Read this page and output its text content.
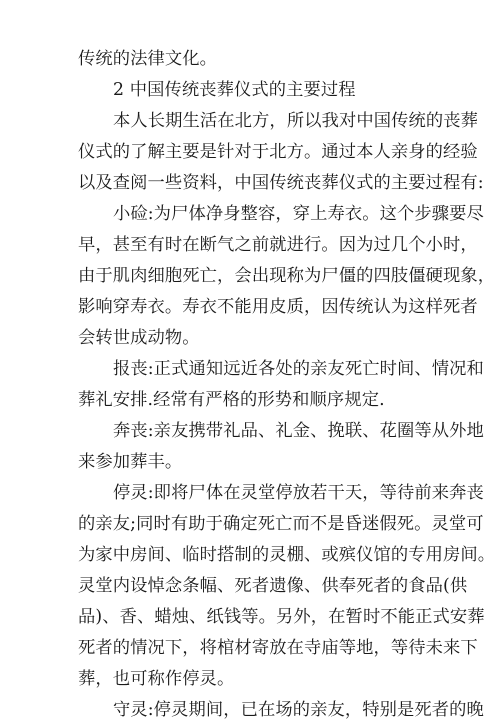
传统的法律文化。
2 中国传统丧葬仪式的主要过程
本人长期生活在北方，所以我对中国传统的丧葬
仪式的了解主要是针对于北方。通过本人亲身的经验
以及查阅一些资料，中国传统丧葬仪式的主要过程有:
小硷:为尸体净身整容，穿上寿衣。这个步骤要尽
早，甚至有时在断气之前就进行。因为过几个小时，
由于肌肉细胞死亡，会出现称为尸僵的四肢僵硬现象，
影响穿寿衣。寿衣不能用皮质，因传统认为这样死者
会转世成动物。
报丧:正式通知远近各处的亲友死亡时间、情况和
葬礼安排.经常有严格的形势和顺序规定.
奔丧:亲友携带礼品、礼金、挽联、花圈等从外地
来参加葬丰。
停灵:即将尸体在灵堂停放若干天，等待前来奔丧
的亲友;同时有助于确定死亡而不是昏迷假死。灵堂可
为家中房间、临时搭制的灵棚、或殡仪馆的专用房间。
灵堂内设悼念条幅、死者遗像、供奉死者的食品(供
品)、香、蜡烛、纸钱等。另外，在暂时不能正式安葬
死者的情况下，将棺材寄放在寺庙等地，等待未来下
葬，也可称作停灵。
守灵:停灵期间，已在场的亲友，特别是死者的晚
